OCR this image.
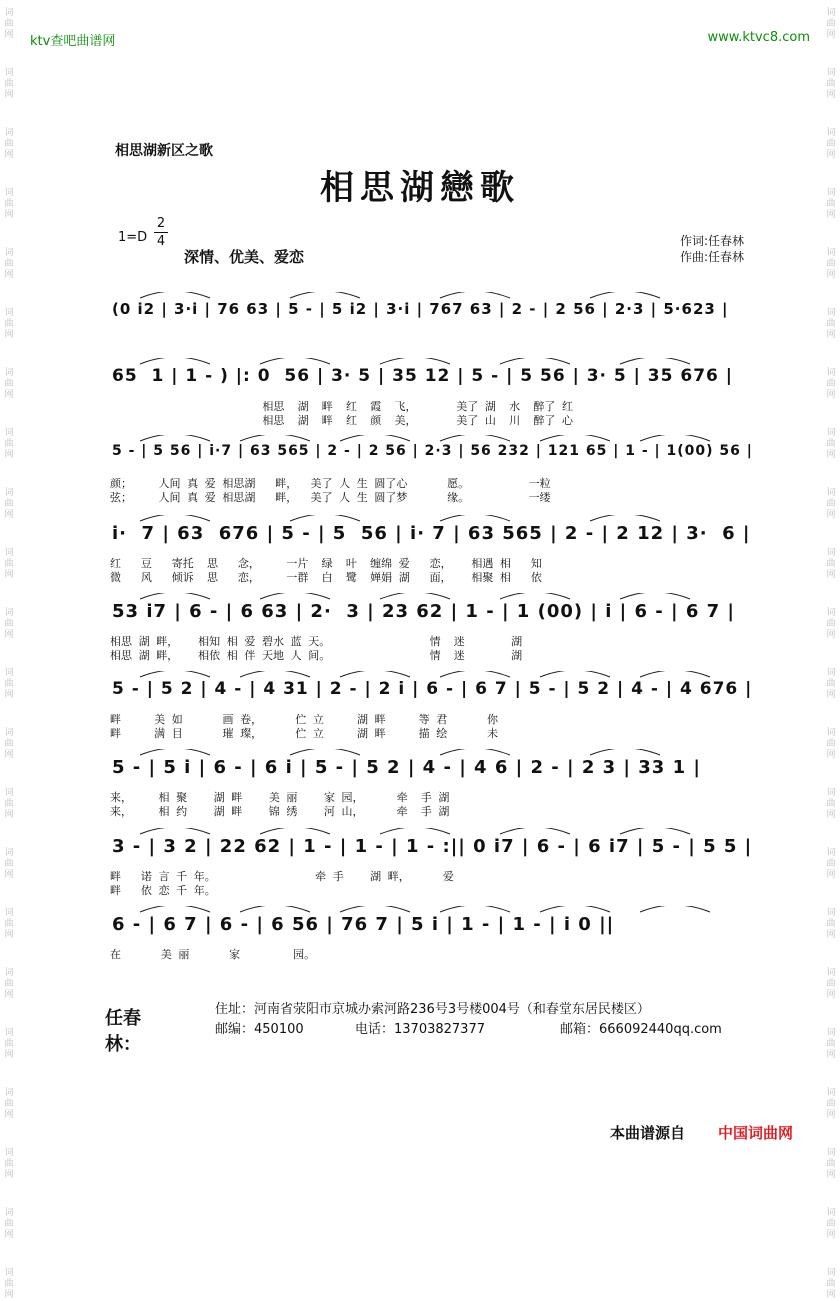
词
曲
网
词
曲
网
词
曲
网
词
曲
网
词
曲
网
词
曲
网
词
曲
网
词
曲
网
词
曲
网
词
曲
网
词
曲
网
词
曲
网
词
曲
网
词
曲
网
词
曲
网
词
曲
网
词
曲
网
词
曲
网
词
曲
网
词
曲
网
词
曲
网
词
曲
网
词
曲
网
词
曲
网
词
曲
网
词
曲
网
词
曲
网
词
曲
网
词
曲
网
词
曲
网
词
曲
网
词
曲
网
词
曲
网
词
曲
网
词
曲
网
词
曲
网
词
曲
网
词
曲
网
词
曲
网
词
曲
网
词
曲
网
词
曲
网
词
曲
网
词
曲
网
ktv查吧曲谱网	www.ktvc8.com
相思湖新区之歌
相思湖戀歌
1=D
2
4
深情、优美、爱恋
作词:任春林
作曲:任春林
(0 i2 | 3·i | 76 63 | 5 - | 5 i2 | 3·i | 767 63 | 2 - | 2 56 | 2·3 | 5·623 |
65  1 | 1 - ) |: 0  56 | 3· 5 | 35 12 | 5 - | 5 56 | 3· 5 | 35 676 |
相思  湖  畔  红  霞  飞，      美了 湖  水  醉了 红
相思  湖  畔  红  颜  美，      美了 山  川  醉了 心
5 - | 5 56 | i·7 | 63 565 | 2 - | 2 56 | 2·3 | 56 232 | 121 65 | 1 - | 1(00) 56 |
颜；    人间 真 爱 相思湖   畔，  美了 人 生 圆了心      愿。         一粒
弦；    人间 真 爱 相思湖   畔，  美了 人 生 圆了梦      缘。         一缕
i·  7 | 63  676 | 5 - | 5  56 | i· 7 | 63 565 | 2 - | 2 12 | 3·  6 |
红   豆   寄托  思   念，    一片  绿  叶  缠绵 爱   恋，   相遇 相   知
微   风   倾诉  思   恋，    一群  白  鹭  婵娟 湖   面，   相聚 相   依
53 i7 | 6 - | 6 63 | 2·  3 | 23 62 | 1 - | 1 (00) | i | 6 - | 6 7 |
相思 湖 畔，   相知 相 爱 碧水 蓝 天。               情  迷       湖
相思 湖 畔，   相依 相 伴 天地 人 间。               情  迷       湖
5 - | 5 2 | 4 - | 4 31 | 2 - | 2 i | 6 - | 6 7 | 5 - | 5 2 | 4 - | 4 676 |
畔     美 如      画 卷，     伫 立     湖 畔     等 君      你
畔     满 目      璀 璨，     伫 立     湖 畔     描 绘      未
5 - | 5 i | 6 - | 6 i | 5 - | 5 2 | 4 - | 4 6 | 2 - | 2 3 | 33 1 |
来，    相 聚    湖 畔    美 丽    家 园，     牵  手 湖
来，    相 约    湖 畔    锦 绣    河 山，     牵  手 湖
3 - | 3 2 | 22 62 | 1 - | 1 - | 1 - :|| 0 i7 | 6 - | 6 i7 | 5 - | 5 5 |
畔   诺 言 千 年。               牵 手    湖 畔，     爱
畔   依 恋 千 年。
6 - | 6 7 | 6 - | 6 56 | 76 7 | 5 i | 1 - | 1 - | i 0 ||
在      美 丽      家        园。
任春林：
住址：河南省荥阳市京城办索河路236号3号楼004号（和春堂东居民楼区）
邮编：450100	电话：13703827377	邮箱：666092440qq.com
本曲谱源自 中国词曲网
